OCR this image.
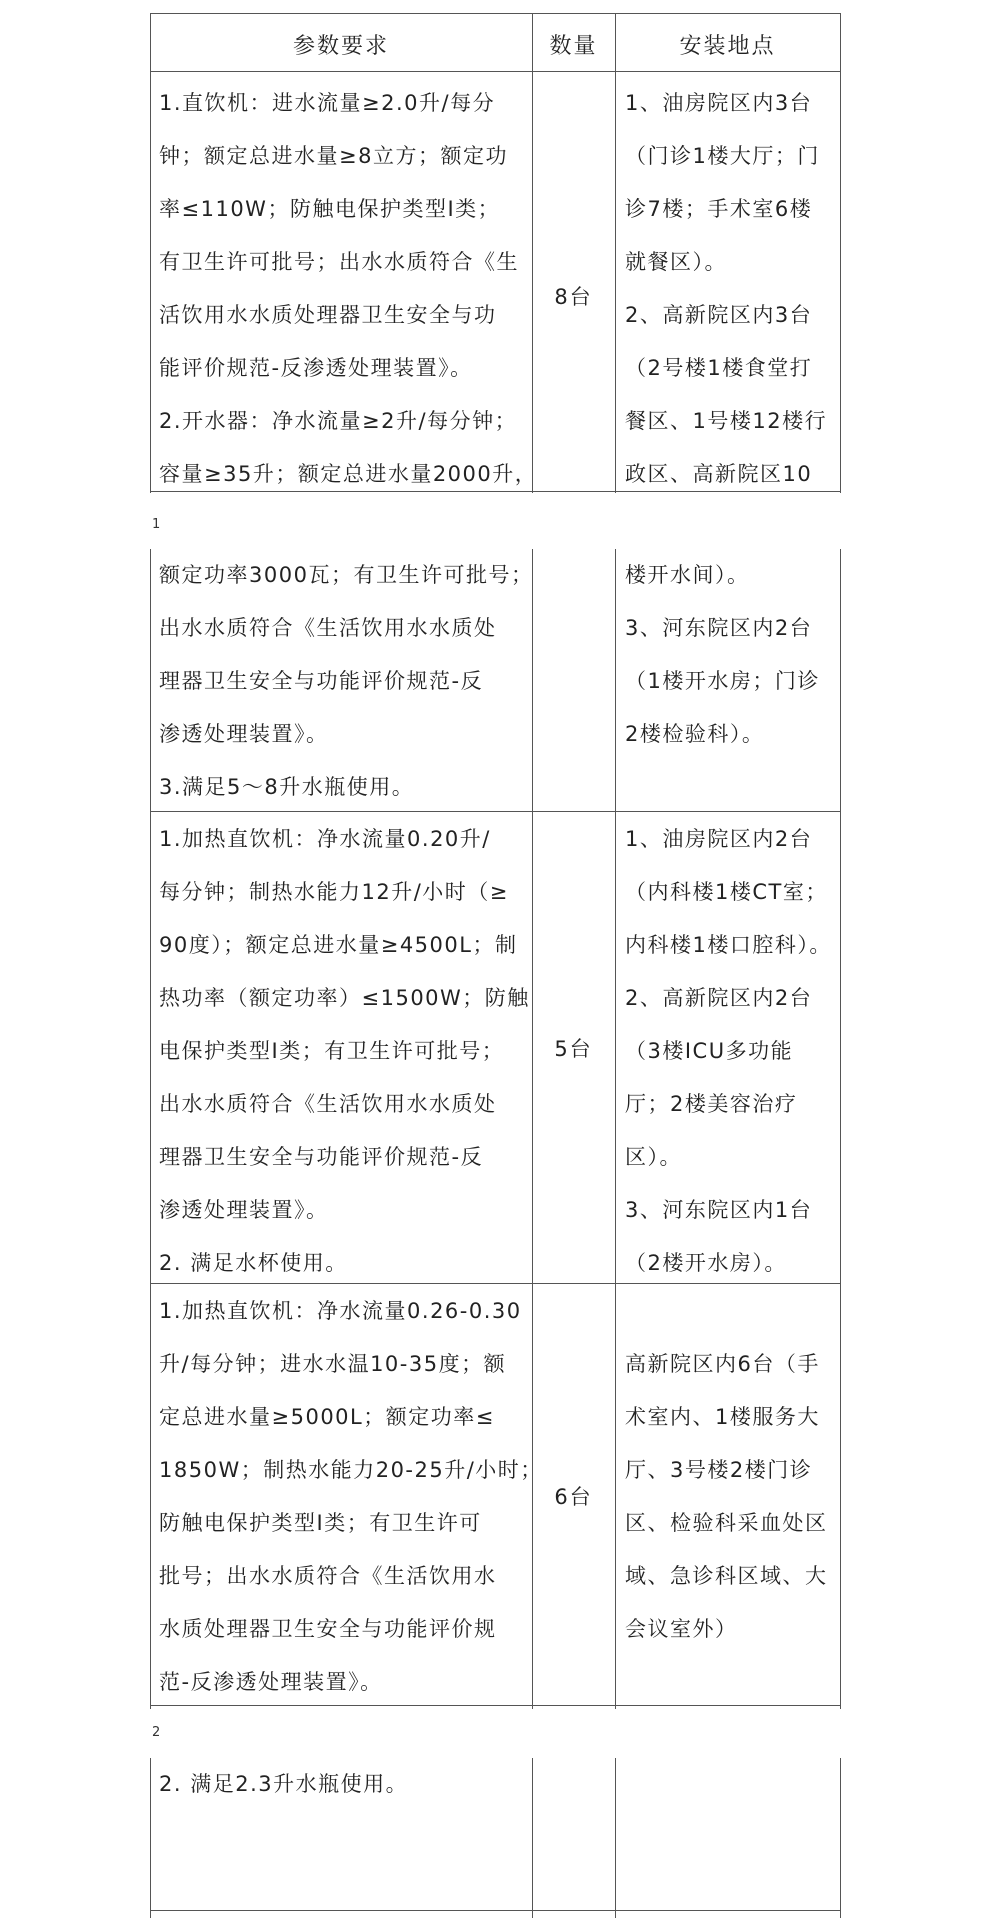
参数要求	数量	安装地点
1.直饮机：进水流量≥2.0升/每分
钟；额定总进水量≥8立方；额定功
率≤110W；防触电保护类型Ⅰ类；
有卫生许可批号；出水水质符合《生
活饮用水水质处理器卫生安全与功
能评价规范-反渗透处理装置》。
2.开水器：净水流量≥2升/每分钟；
容量≥35升；额定总进水量2000升，
8台
1、油房院区内3台
（门诊1楼大厅；门
诊7楼；手术室6楼
就餐区）。
2、高新院区内3台
（2号楼1楼食堂打
餐区、1号楼12楼行
政区、高新院区10
1
额定功率3000瓦；有卫生许可批号；
出水水质符合《生活饮用水水质处
理器卫生安全与功能评价规范-反
渗透处理装置》。
3.满足5～8升水瓶使用。
楼开水间）。
3、河东院区内2台
（1楼开水房；门诊
2楼检验科）。
1.加热直饮机：净水流量0.20升/
每分钟；制热水能力12升/小时（≥
90度）；额定总进水量≥4500L；制
热功率（额定功率）≤1500W；防触
电保护类型Ⅰ类；有卫生许可批号；
出水水质符合《生活饮用水水质处
理器卫生安全与功能评价规范-反
渗透处理装置》。
2. 满足水杯使用。
5台
1、油房院区内2台
（内科楼1楼CT室；
内科楼1楼口腔科）。
2、高新院区内2台
（3楼ICU多功能
厅；2楼美容治疗
区）。
3、河东院区内1台
（2楼开水房）。
1.加热直饮机：净水流量0.26-0.30
升/每分钟；进水水温10-35度；额
定总进水量≥5000L；额定功率≤
1850W；制热水能力20-25升/小时；
防触电保护类型Ⅰ类；有卫生许可
批号；出水水质符合《生活饮用水
水质处理器卫生安全与功能评价规
范-反渗透处理装置》。
6台
高新院区内6台（手
术室内、1楼服务大
厅、3号楼2楼门诊
区、检验科采血处区
域、急诊科区域、大
会议室外）
2
2. 满足2.3升水瓶使用。
